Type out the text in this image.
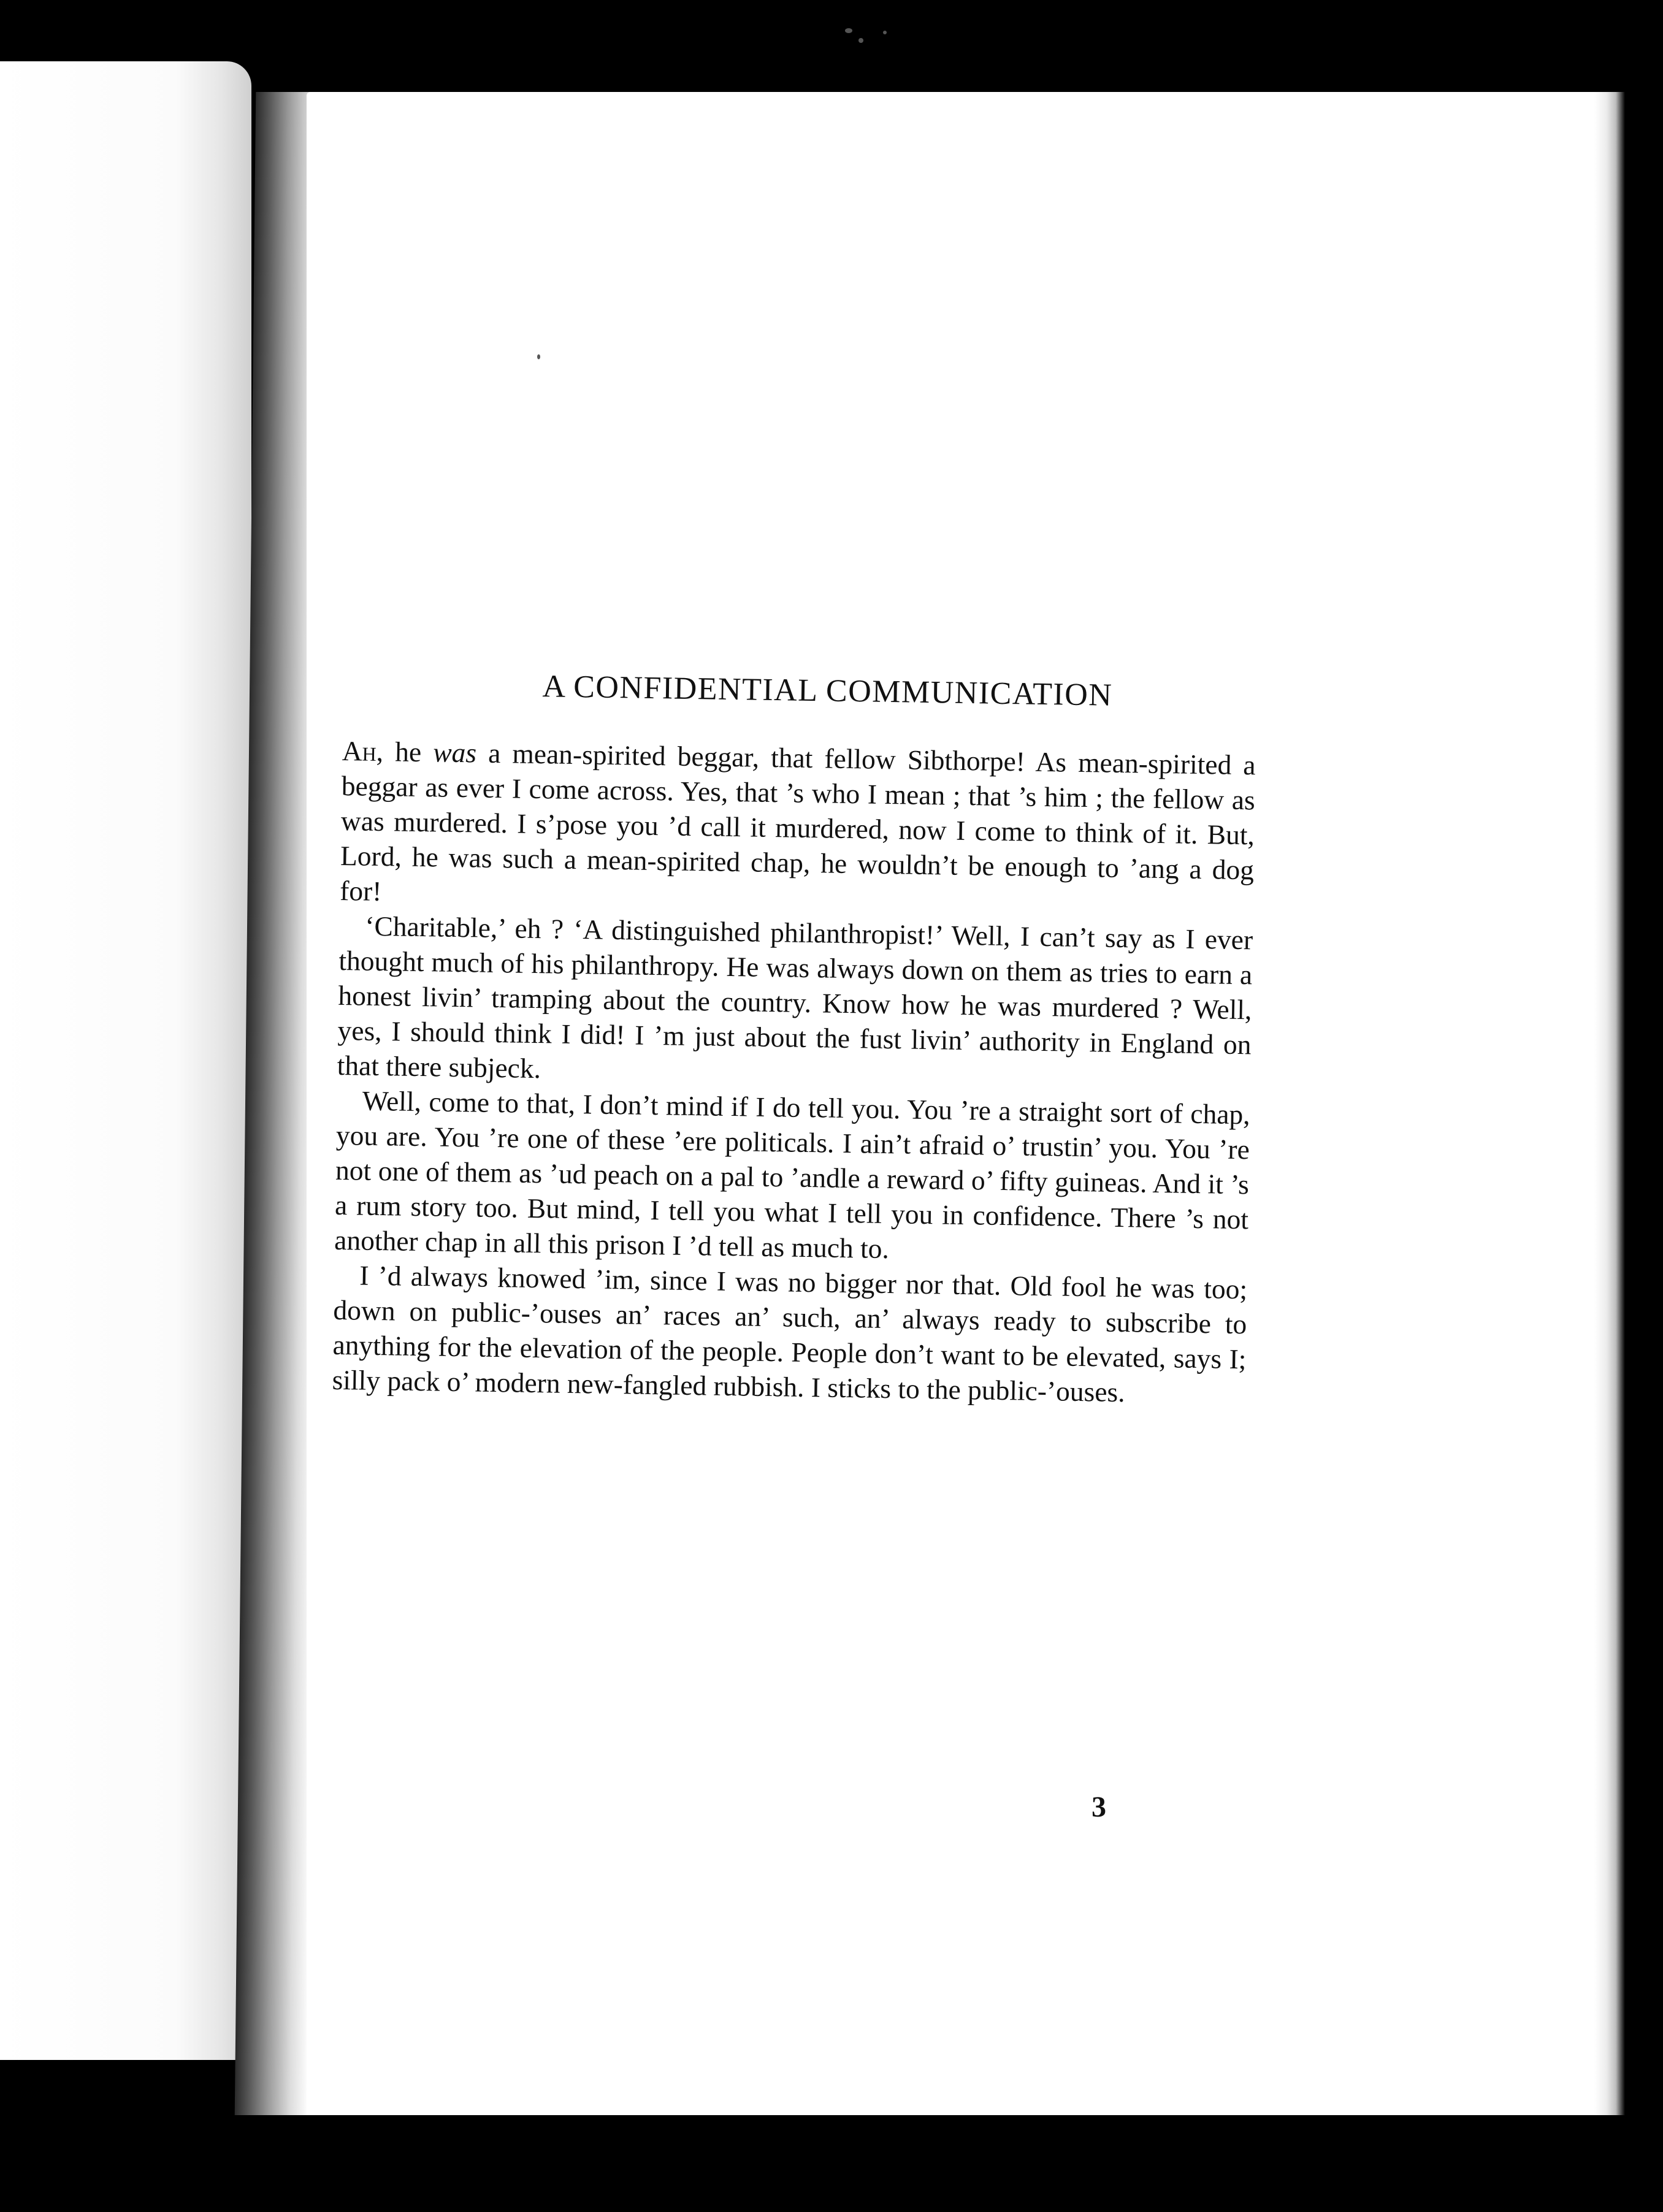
A CONFIDENTIAL COMMUNICATION

Ah, he was a mean-spirited beggar, that fellow Sibthorpe! As mean-spirited a beggar as ever I come across. Yes, that ’s who I mean ; that ’s him ; the fellow as was murdered. I s’pose you ’d call it murdered, now I come to think of it. But, Lord, he was such a mean-spirited chap, he wouldn’t be enough to ’ang a dog for!

‘Charitable,’ eh ? ‘A distinguished philanthropist!’ Well, I can’t say as I ever thought much of his philanthropy. He was always down on them as tries to earn a honest livin’ tramping about the country. Know how he was murdered ? Well, yes, I should think I did! I ’m just about the fust livin’ authority in England on that there subjeck.

Well, come to that, I don’t mind if I do tell you. You ’re a straight sort of chap, you are. You ’re one of these ’ere politicals. I ain’t afraid o’ trustin’ you. You ’re not one of them as ’ud peach on a pal to ’andle a reward o’ fifty guineas. And it ’s a rum story too. But mind, I tell you what I tell you in confidence. There ’s not another chap in all this prison I ’d tell as much to.

I ’d always knowed ’im, since I was no bigger nor that. Old fool he was too; down on public-’ouses an’ races an’ such, an’ always ready to subscribe to anything for the elevation of the people. People don’t want to be elevated, says I; silly pack o’ modern new-fangled rubbish. I sticks to the public-’ouses.

3
